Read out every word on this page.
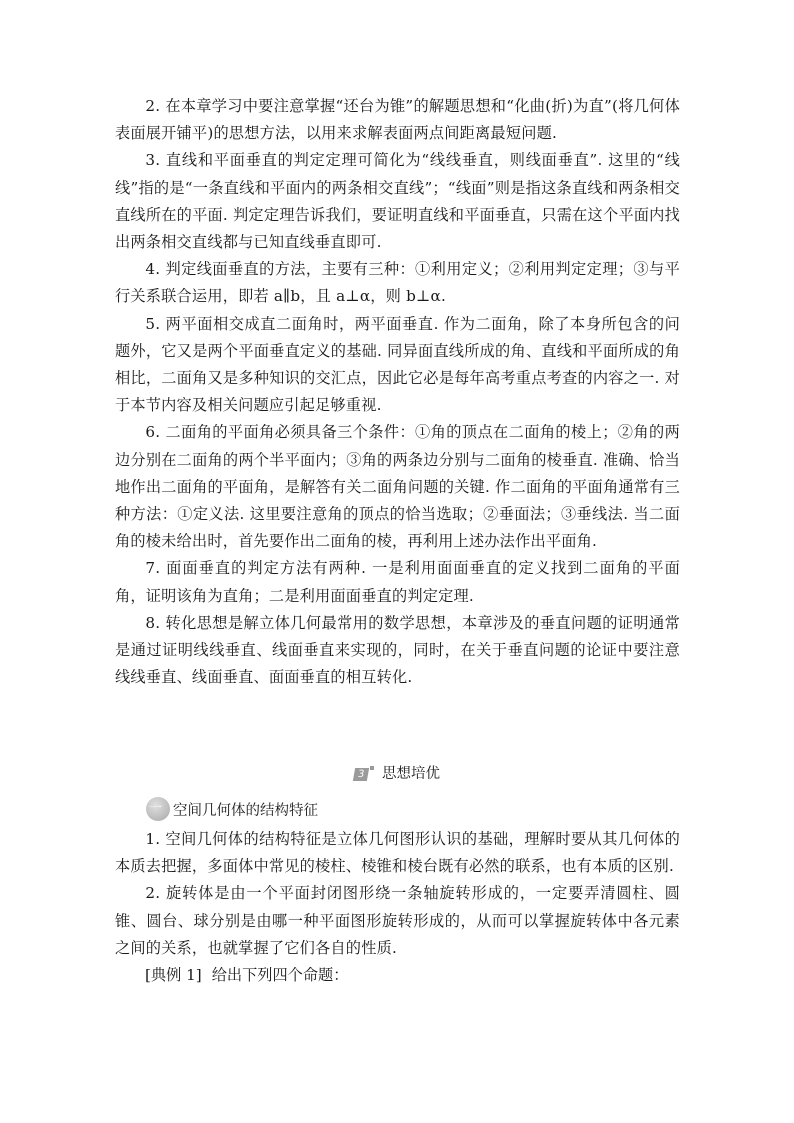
2. 在本章学习中要注意掌握“还台为锥”的解题思想和“化曲(折)为直”(将几何体表面展开铺平)的思想方法，以用来求解表面两点间距离最短问题.

3. 直线和平面垂直的判定定理可简化为“线线垂直，则线面垂直”. 这里的“线线”指的是“一条直线和平面内的两条相交直线”；“线面”则是指这条直线和两条相交直线所在的平面. 判定定理告诉我们，要证明直线和平面垂直，只需在这个平面内找出两条相交直线都与已知直线垂直即可.

4. 判定线面垂直的方法，主要有三种：①利用定义；②利用判定定理；③与平行关系联合运用，即若 a∥b，且 a⊥α，则 b⊥α.

5. 两平面相交成直二面角时，两平面垂直. 作为二面角，除了本身所包含的问题外，它又是两个平面垂直定义的基础. 同异面直线所成的角、直线和平面所成的角相比，二面角又是多种知识的交汇点，因此它必是每年高考重点考查的内容之一. 对于本节内容及相关问题应引起足够重视.

6. 二面角的平面角必须具备三个条件：①角的顶点在二面角的棱上；②角的两边分别在二面角的两个半平面内；③角的两条边分别与二面角的棱垂直. 准确、恰当地作出二面角的平面角，是解答有关二面角问题的关键. 作二面角的平面角通常有三种方法：①定义法. 这里要注意角的顶点的恰当选取；②垂面法；③垂线法. 当二面角的棱未给出时，首先要作出二面角的棱，再利用上述办法作出平面角.

7. 面面垂直的判定方法有两种. 一是利用面面垂直的定义找到二面角的平面角，证明该角为直角；二是利用面面垂直的判定定理.

8. 转化思想是解立体几何最常用的数学思想，本章涉及的垂直问题的证明通常是通过证明线线垂直、线面垂直来实现的，同时，在关于垂直问题的论证中要注意线线垂直、线面垂直、面面垂直的相互转化.

3 思想培优
一 空间几何体的结构特征

1. 空间几何体的结构特征是立体几何图形认识的基础，理解时要从其几何体的本质去把握，多面体中常见的棱柱、棱锥和棱台既有必然的联系，也有本质的区别.

2. 旋转体是由一个平面封闭图形绕一条轴旋转形成的，一定要弄清圆柱、圆锥、圆台、球分别是由哪一种平面图形旋转形成的，从而可以掌握旋转体中各元素之间的关系，也就掌握了它们各自的性质.

[典例 1] 给出下列四个命题：
